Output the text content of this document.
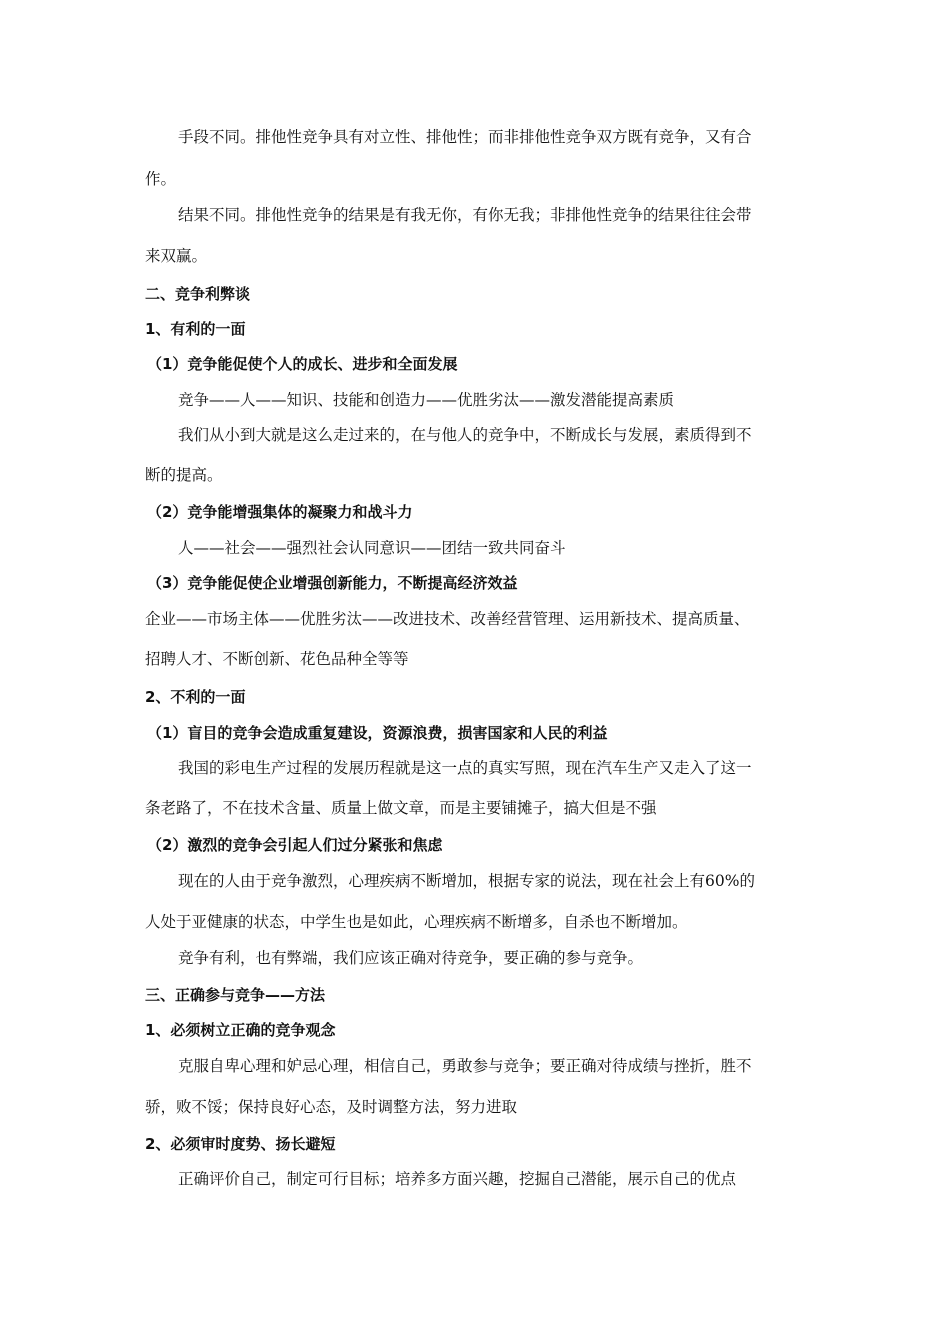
手段不同。排他性竞争具有对立性、排他性；而非排他性竞争双方既有竞争，又有合
作。
结果不同。排他性竞争的结果是有我无你，有你无我；非排他性竞争的结果往往会带
来双赢。
二、竞争利弊谈
1、有利的一面
（1）竞争能促使个人的成长、进步和全面发展
竞争——人——知识、技能和创造力——优胜劣汰——激发潜能提高素质
我们从小到大就是这么走过来的，在与他人的竞争中，不断成长与发展，素质得到不
断的提高。
（2）竞争能增强集体的凝聚力和战斗力
人——社会——强烈社会认同意识——团结一致共同奋斗
（3）竞争能促使企业增强创新能力，不断提高经济效益
企业——市场主体——优胜劣汰——改进技术、改善经营管理、运用新技术、提高质量、
招聘人才、不断创新、花色品种全等等
2、不利的一面
（1）盲目的竞争会造成重复建设，资源浪费，损害国家和人民的利益
我国的彩电生产过程的发展历程就是这一点的真实写照，现在汽车生产又走入了这一
条老路了，不在技术含量、质量上做文章，而是主要铺摊子，搞大但是不强
（2）激烈的竞争会引起人们过分紧张和焦虑
现在的人由于竞争激烈，心理疾病不断增加，根据专家的说法，现在社会上有60%的
人处于亚健康的状态，中学生也是如此，心理疾病不断增多，自杀也不断增加。
竞争有利，也有弊端，我们应该正确对待竞争，要正确的参与竞争。
三、正确参与竞争——方法
1、必须树立正确的竞争观念
克服自卑心理和妒忌心理，相信自己，勇敢参与竞争；要正确对待成绩与挫折，胜不
骄，败不馁；保持良好心态，及时调整方法，努力进取
2、必须审时度势、扬长避短
正确评价自己，制定可行目标；培养多方面兴趣，挖掘自己潜能，展示自己的优点
